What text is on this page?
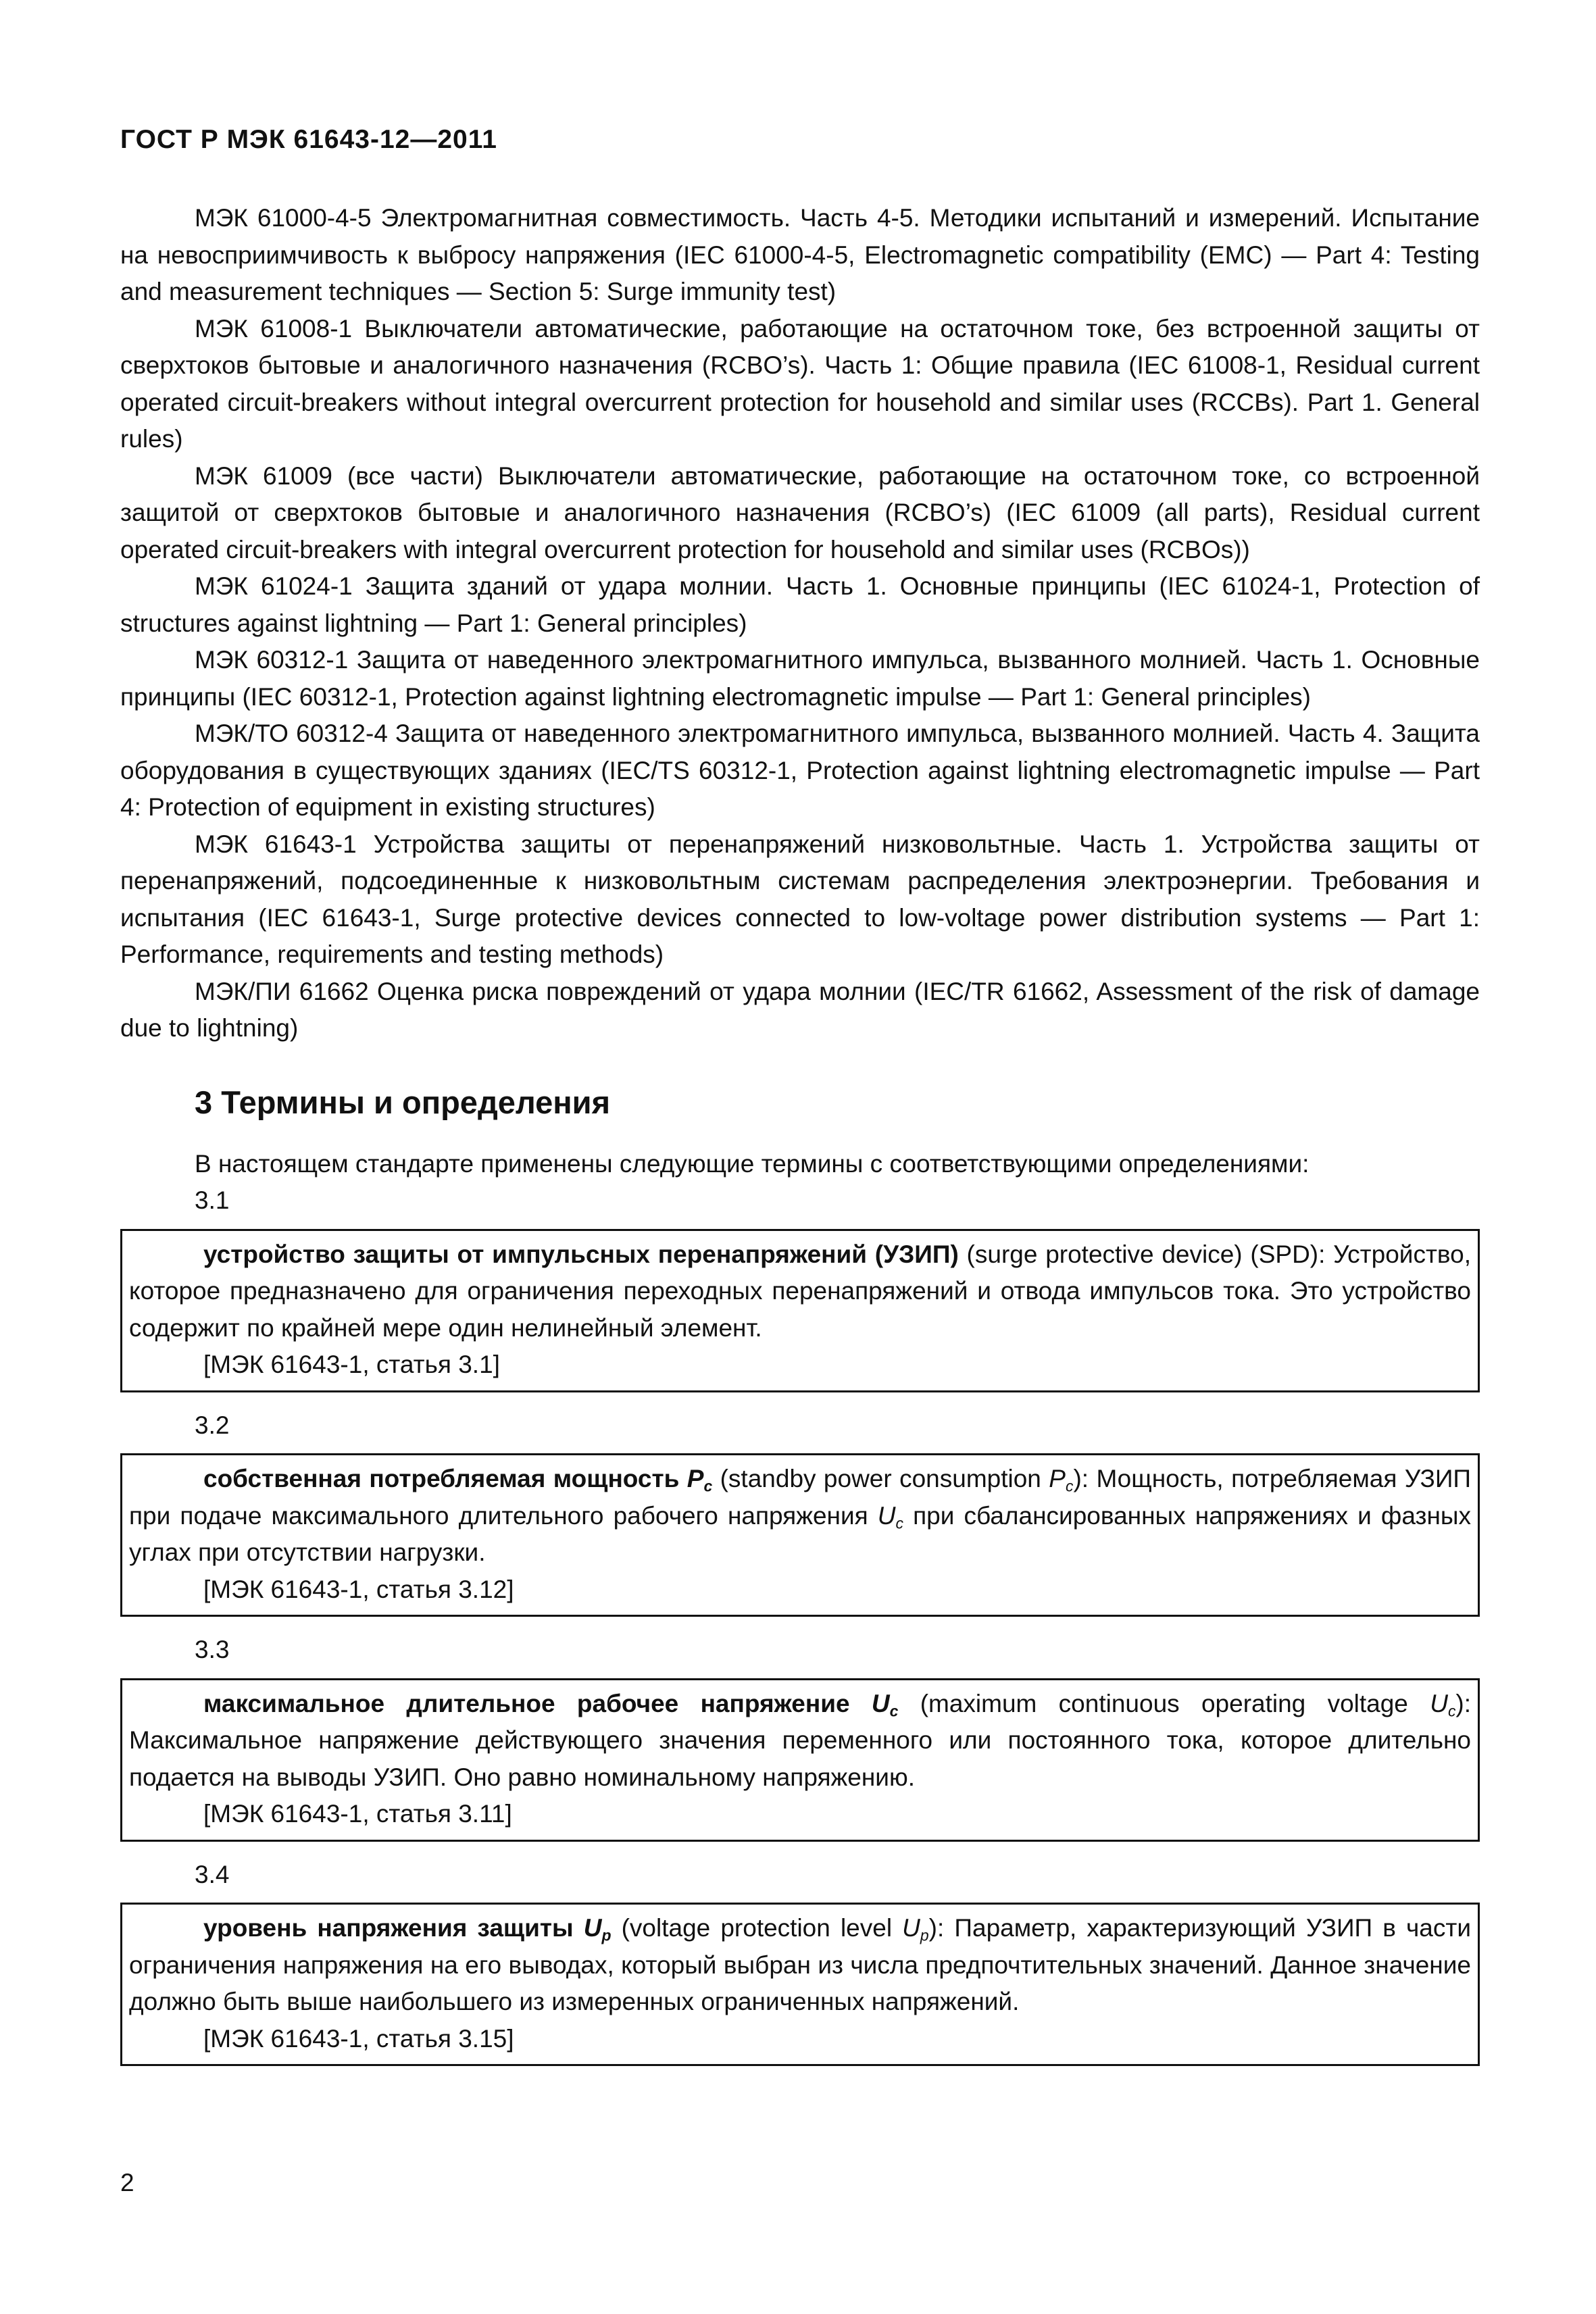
ГОСТ Р МЭК 61643-12—2011

МЭК 61000-4-5 Электромагнитная совместимость. Часть 4-5. Методики испытаний и измерений. Испытание на невосприимчивость к выбросу напряжения (IEC 61000-4-5, Electromagnetic compatibility (EMC) — Part 4: Testing and measurement techniques — Section 5: Surge immunity test)

МЭК 61008-1 Выключатели автоматические, работающие на остаточном токе, без встроенной защиты от сверхтоков бытовые и аналогичного назначения (RCBO’s). Часть 1: Общие правила (IEC 61008-1, Residual current operated circuit-breakers without integral overcurrent protection for household and similar uses (RCCBs). Part 1. General rules)

МЭК 61009 (все части) Выключатели автоматические, работающие на остаточном токе, со встроенной защитой от сверхтоков бытовые и аналогичного назначения (RCBO’s) (IEC 61009 (all parts), Residual current operated circuit-breakers with integral overcurrent protection for household and similar uses (RCBOs))

МЭК 61024-1 Защита зданий от удара молнии. Часть 1. Основные принципы (IEC 61024-1, Protection of structures against lightning — Part 1: General principles)

МЭК 60312-1 Защита от наведенного электромагнитного импульса, вызванного молнией. Часть 1. Основные принципы (IEC 60312-1, Protection against lightning electromagnetic impulse — Part 1: General principles)

МЭК/ТО 60312-4 Защита от наведенного электромагнитного импульса, вызванного молнией. Часть 4. Защита оборудования в существующих зданиях (IEC/TS 60312-1, Protection against lightning electromagnetic impulse — Part 4: Protection of equipment in existing structures)

МЭК 61643-1 Устройства защиты от перенапряжений низковольтные. Часть 1. Устройства защиты от перенапряжений, подсоединенные к низковольтным системам распределения электроэнергии. Требования и испытания (IEC 61643-1, Surge protective devices connected to low-voltage power distribution systems — Part 1: Performance, requirements and testing methods)

МЭК/ПИ 61662 Оценка риска повреждений от удара молнии (IEC/TR 61662, Assessment of the risk of damage due to lightning)

3 Термины и определения

В настоящем стандарте применены следующие термины с соответствующими определениями:

3.1

устройство защиты от импульсных перенапряжений (УЗИП) (surge protective device) (SPD): Устройство, которое предназначено для ограничения переходных перенапряжений и отвода импульсов тока. Это устройство содержит по крайней мере один нелинейный элемент.

[МЭК 61643-1, статья 3.1]
3.2

собственная потребляемая мощность $P_c$ (standby power consumption $P_c$): Мощность, потребляемая УЗИП при подаче максимального длительного рабочего напряжения $U_c$ при сбалансированных напряжениях и фазных углах при отсутствии нагрузки.

[МЭК 61643-1, статья 3.12]
3.3

максимальное длительное рабочее напряжение $U_c$ (maximum continuous operating voltage $U_c$): Максимальное напряжение действующего значения переменного или постоянного тока, которое длительно подается на выводы УЗИП. Оно равно номинальному напряжению.

[МЭК 61643-1, статья 3.11]
3.4

уровень напряжения защиты $U_p$ (voltage protection level $U_p$): Параметр, характеризующий УЗИП в части ограничения напряжения на его выводах, который выбран из числа предпочтительных значений. Данное значение должно быть выше наибольшего из измеренных ограниченных напряжений.

[МЭК 61643-1, статья 3.15]
2
